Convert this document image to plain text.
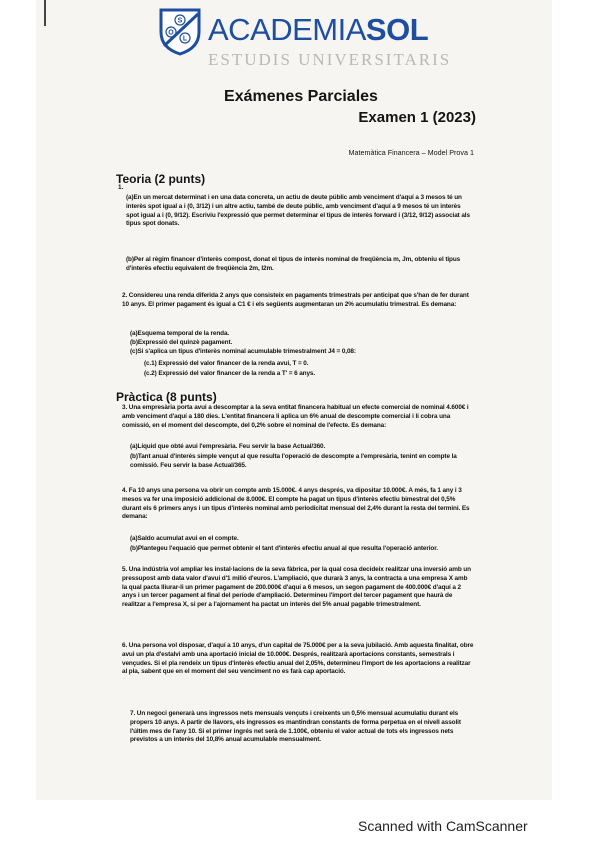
S
O
L ACADEMIASOL
ESTUDIS UNIVERSITARIS
Exámenes Parciales
Examen 1 (2023)
Matemàtica Financera – Model Prova 1
Teoria (2 punts)
1.
(a)En un mercat determinat i en una data concreta, un actiu de deute públic amb venciment d'aquí a 3 mesos té un interès spot igual a i (0, 3/12) i un altre actiu, també de deute públic, amb venciment d'aquí a 9 mesos té un interès spot igual a i (0, 9/12). Escriviu l'expressió que permet determinar el tipus de interès forward i (3/12, 9/12) associat als tipus spot donats.
(b)Per al règim financer d'interès compost, donat el tipus de interès nominal de freqüència m, Jm, obteniu el tipus d'interès efectiu equivalent de freqüència 2m, I2m.
2. Considereu una renda diferida 2 anys que consisteix en pagaments trimestrals per anticipat que s'han de fer durant 10 anys. El primer pagament és igual a C1 € i els següents augmentaran un 2% acumulatiu trimestral. Es demana:
(a)Esquema temporal de la renda.
(b)Expressió del quinzè pagament.
(c)Si s'aplica un tipus d'interès nominal acumulable trimestralment J4 = 0,08:
(c.1) Expressió del valor financer de la renda avui, T = 0.
(c.2) Expressió del valor financer de la renda a T' = 6 anys.
Pràctica (8 punts)
3. Una empresària porta avui a descomptar a la seva entitat financera habitual un efecte comercial de nominal 4.600€ i amb venciment d'aquí a 180 dies. L'entitat financera li aplica un 6% anual de descompte comercial i li cobra una comissió, en el moment del descompte, del 0,2% sobre el nominal de l'efecte. Es demana:
(a)Líquid que obté avui l'empresària. Feu servir la base Actual/360.
(b)Tant anual d'interès simple vençut al que resulta l'operació de descompte a l'empresària, tenint en compte la comissió. Feu servir la base Actual/365.
4. Fa 10 anys una persona va obrir un compte amb 15.000€. 4 anys després, va dipositar 10.000€. A més, fa 1 any i 3 mesos va fer una imposició addicional de 8.000€. El compte ha pagat un tipus d'interès efectiu bimestral del 0,5% durant els 6 primers anys i un tipus d'interès nominal amb periodicitat mensual del 2,4% durant la resta del termini. Es demana:
(a)Saldo acumulat avui en el compte.
(b)Plantegeu l'equació que permet obtenir el tant d'interès efectiu anual al que resulta l'operació anterior.
5. Una indústria vol ampliar les instal·lacions de la seva fàbrica, per la qual cosa decideix realitzar una inversió amb un pressupost amb data valor d'avui d'1 milió d'euros. L'ampliació, que durarà 3 anys, la contracta a una empresa X amb la qual pacta lliurar-li un primer pagament de 200.000€ d'aquí a 6 mesos, un segon pagament de 400.000€ d'aquí a 2 anys i un tercer pagament al final del període d'ampliació. Determineu l'import del tercer pagament que haurà de realitzar a l'empresa X, si per a l'ajornament ha pactat un interès del 5% anual pagable trimestralment.
6. Una persona vol disposar, d'aquí a 10 anys, d'un capital de 75.000€ per a la seva jubilació. Amb aquesta finalitat, obre avui un pla d'estalvi amb una aportació inicial de 10.000€. Després, realitzarà aportacions constants, semestrals i vençudes. Si el pla rendeix un tipus d'interès efectiu anual del 2,05%, determineu l'import de les aportacions a realitzar al pla, sabent que en el moment del seu venciment no es farà cap aportació.
7. Un negoci generarà uns ingressos nets mensuals vençuts i creixents un 0,5% mensual acumulatiu durant els propers 10 anys. A partir de llavors, els ingressos es mantindran constants de forma perpetua en el nivell assolit l'últim mes de l'any 10. Si el primer ingrés net serà de 1.100€, obteniu el valor actual de tots els ingressos nets previstos a un interès del 10,8% anual acumulable mensualment.
Scanned with CamScanner
